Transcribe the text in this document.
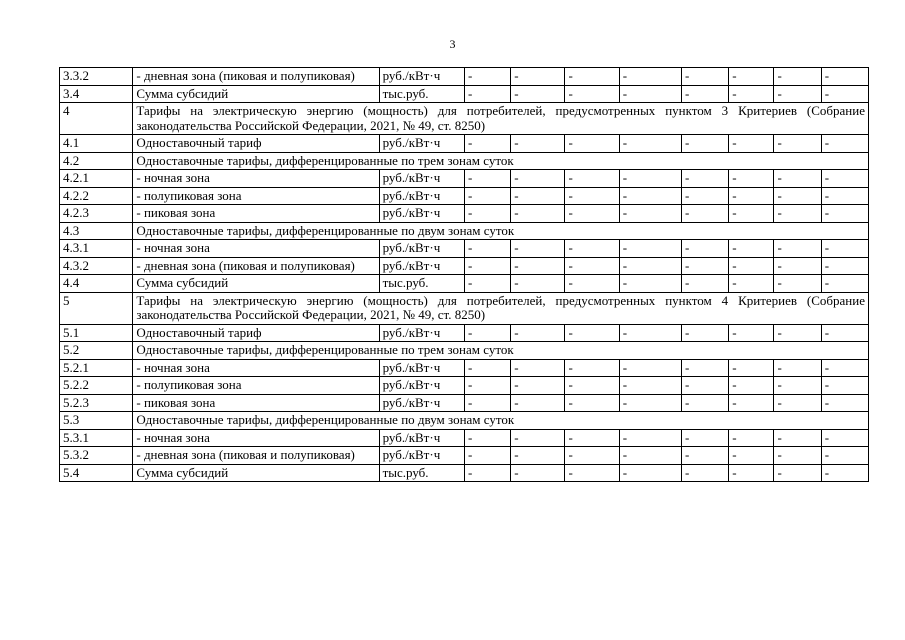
3
3.3.2	- дневная зона (пиковая и полупиковая)	руб./кВт·ч	-	-	-	-	-	-	-	-
3.4	Сумма субсидий	тыс.руб.	-	-	-	-	-	-	-	-
4	Тарифы на электрическую энергию (мощность) для потребителей, предусмотренных пунктом 3 Критериев (Собрание законодательства Российской Федерации, 2021, № 49, ст. 8250)									
4.1	Одноставочный тариф	руб./кВт·ч	-	-	-	-	-	-	-	-
4.2	Одноставочные тарифы, дифференцированные по трем зонам суток									
4.2.1	- ночная зона	руб./кВт·ч	-	-	-	-	-	-	-	-
4.2.2	- полупиковая зона	руб./кВт·ч	-	-	-	-	-	-	-	-
4.2.3	- пиковая зона	руб./кВт·ч	-	-	-	-	-	-	-	-
4.3	Одноставочные тарифы, дифференцированные по двум зонам суток									
4.3.1	- ночная зона	руб./кВт·ч	-	-	-	-	-	-	-	-
4.3.2	- дневная зона (пиковая и полупиковая)	руб./кВт·ч	-	-	-	-	-	-	-	-
4.4	Сумма субсидий	тыс.руб.	-	-	-	-	-	-	-	-
5	Тарифы на электрическую энергию (мощность) для потребителей, предусмотренных пунктом 4 Критериев (Собрание законодательства Российской Федерации, 2021, № 49, ст. 8250)									
5.1	Одноставочный тариф	руб./кВт·ч	-	-	-	-	-	-	-	-
5.2	Одноставочные тарифы, дифференцированные по трем зонам суток									
5.2.1	- ночная зона	руб./кВт·ч	-	-	-	-	-	-	-	-
5.2.2	- полупиковая зона	руб./кВт·ч	-	-	-	-	-	-	-	-
5.2.3	- пиковая зона	руб./кВт·ч	-	-	-	-	-	-	-	-
5.3	Одноставочные тарифы, дифференцированные по двум зонам суток									
5.3.1	- ночная зона	руб./кВт·ч	-	-	-	-	-	-	-	-
5.3.2	- дневная зона (пиковая и полупиковая)	руб./кВт·ч	-	-	-	-	-	-	-	-
5.4	Сумма субсидий	тыс.руб.	-	-	-	-	-	-	-	-
